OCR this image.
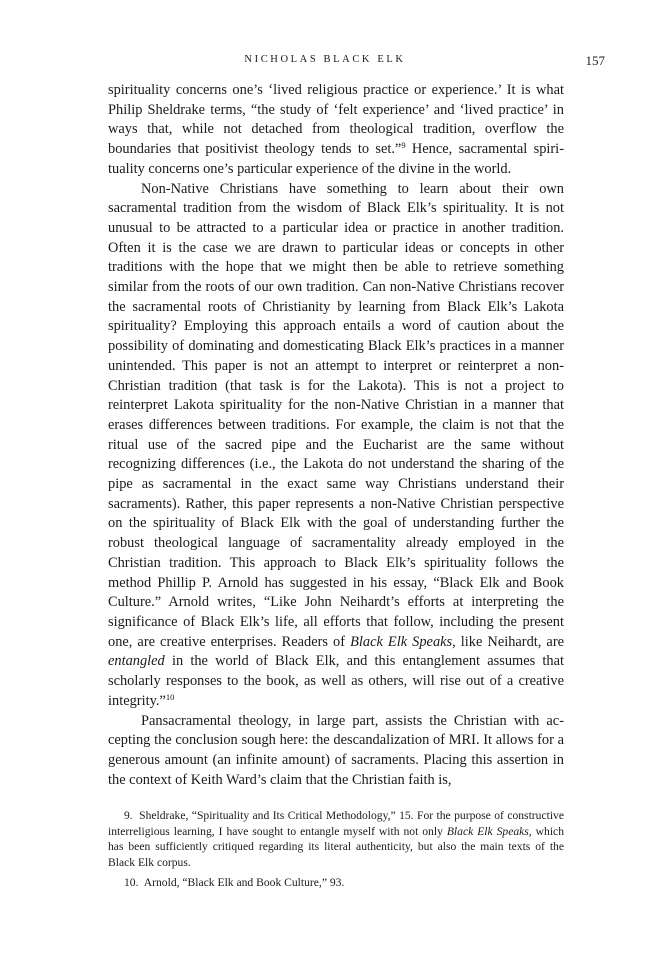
NICHOLAS BLACK ELK	157

spirituality concerns one’s ‘lived religious practice or experience.’ It is what Philip Sheldrake terms, “the study of ‘felt experience’ and ‘lived practice’ in ways that, while not detached from theological tradition, overflow the boundaries that positivist theology tends to set.”$^9$ Hence, sacramental spirituality concerns one’s particular experience of the divine in the world.

Non-Native Christians have something to learn about their own sacramental tradition from the wisdom of Black Elk’s spirituality. It is not unusual to be attracted to a particular idea or practice in another tradition. Often it is the case we are drawn to particular ideas or concepts in other traditions with the hope that we might then be able to retrieve something similar from the roots of our own tradition. Can non-Native Christians recover the sacramental roots of Christianity by learning from Black Elk’s Lakota spirituality? Employing this approach entails a word of caution about the possibility of dominating and domesticating Black Elk’s practices in a manner unintended. This paper is not an attempt to interpret or reinterpret a non-Christian tradition (that task is for the Lakota). This is not a project to reinterpret Lakota spirituality for the non-Native Christian in a manner that erases differences between traditions. For example, the claim is not that the ritual use of the sacred pipe and the Eucharist are the same without recognizing differences (i.e., the Lakota do not understand the sharing of the pipe as sacramental in the exact same way Christians understand their sacraments). Rather, this paper represents a non-Native Christian perspective on the spirituality of Black Elk with the goal of understanding further the robust theological language of sacramentality already employed in the Christian tradition. This approach to Black Elk’s spirituality follows the method Phillip P. Arnold has suggested in his essay, “Black Elk and Book Culture.” Arnold writes, “Like John Neihardt’s efforts at interpreting the significance of Black Elk’s life, all efforts that follow, including the present one, are creative enterprises. Readers of Black Elk Speaks, like Neihardt, are entangled in the world of Black Elk, and this entanglement assumes that scholarly responses to the book, as well as others, will rise out of a creative integrity.”$^{10}$

Pansacramental theology, in large part, assists the Christian with accepting the conclusion sough here: the descandalization of MRI. It allows for a generous amount (an infinite amount) of sacraments. Placing this assertion in the context of Keith Ward’s claim that the Christian faith is,

9. Sheldrake, “Spirituality and Its Critical Methodology,” 15. For the purpose of constructive interreligious learning, I have sought to entangle myself with not only Black Elk Speaks, which has been sufficiently critiqued regarding its literal authenticity, but also the main texts of the Black Elk corpus.

10. Arnold, “Black Elk and Book Culture,” 93.
